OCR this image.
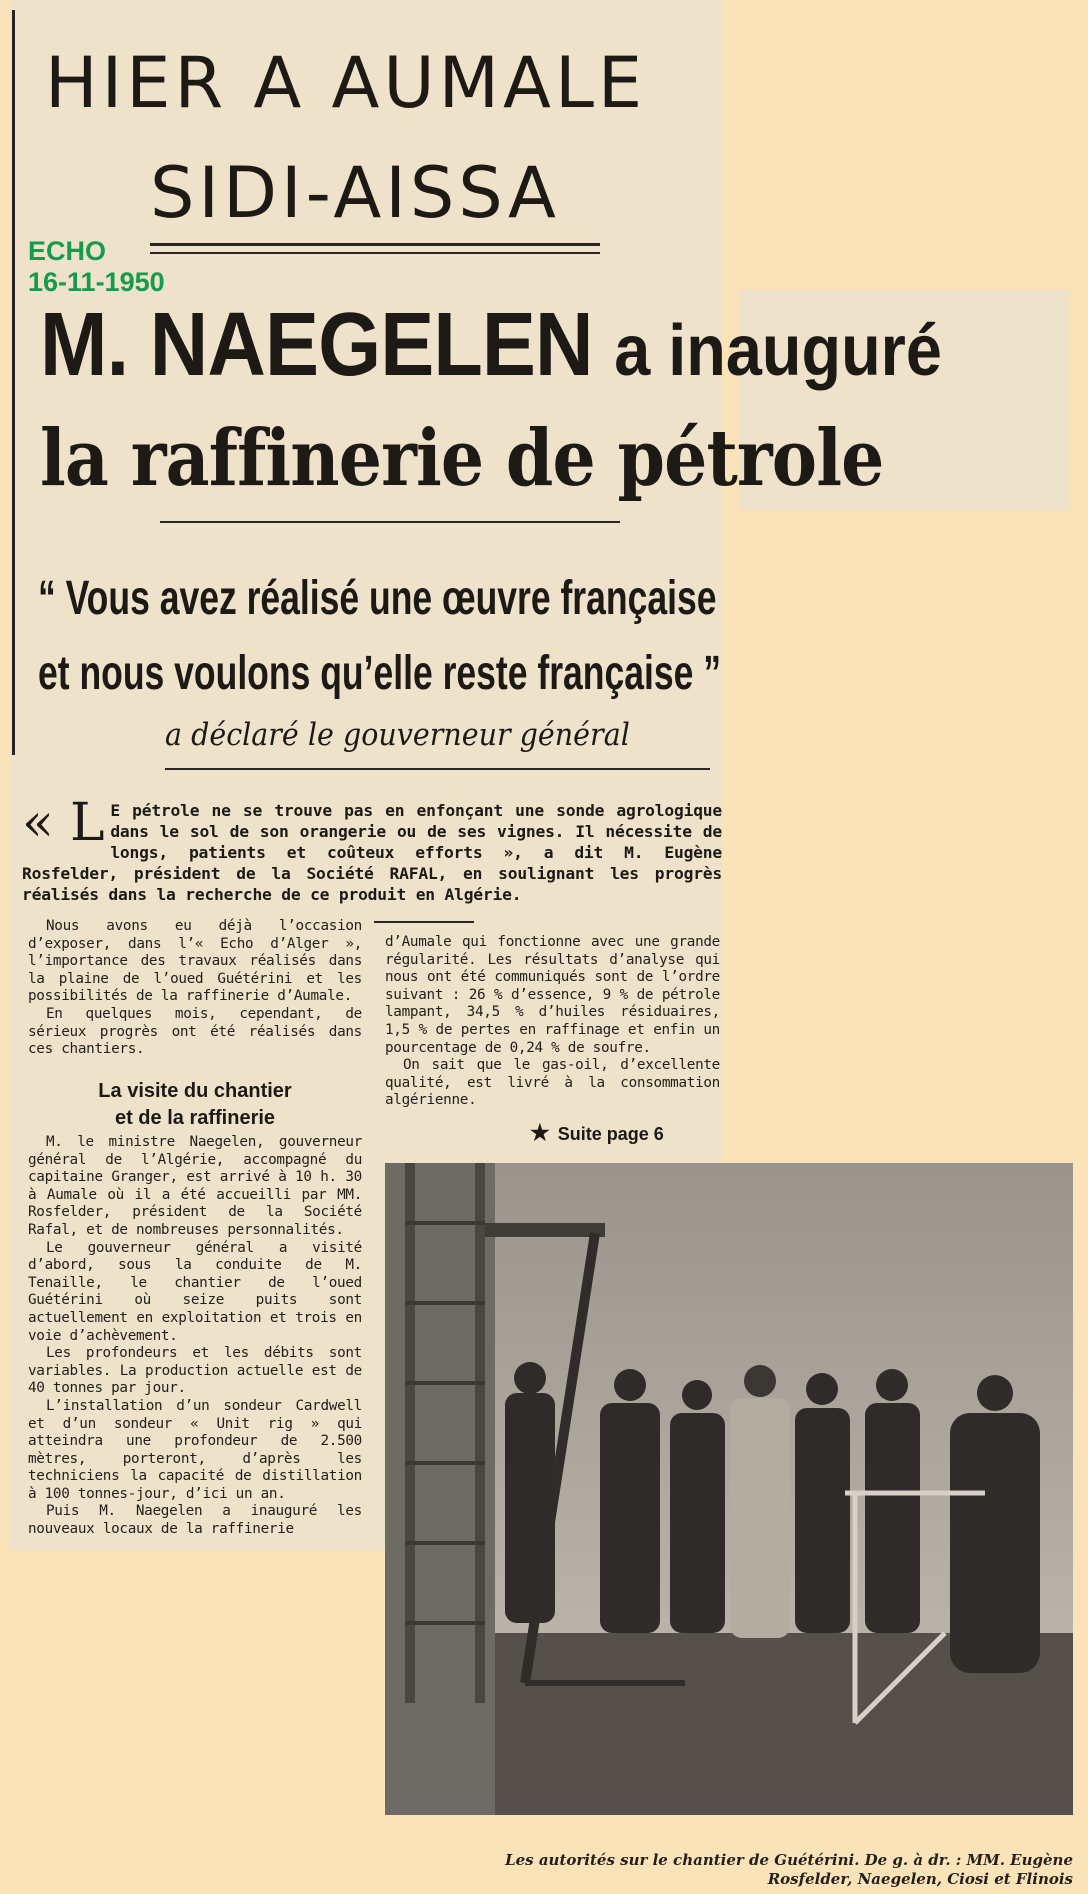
HIER A AUMALE
SIDI-AISSA
ECHO
16-11-1950
M. NAEGELEN a inauguré
la raffinerie de pétrole
“ Vous avez réalisé une œuvre française
et nous voulons qu’elle reste française ”
a déclaré le gouverneur général
« L E pétrole ne se trouve pas en enfonçant une sonde agrologique dans le sol de son orangerie ou de ses vignes. Il nécessite de longs, patients et coûteux efforts », a dit M. Eugène Rosfelder, président de la Société RAFAL, en soulignant les progrès réalisés dans la recherche de ce produit en Algérie.

Nous avons eu déjà l’occasion d’exposer, dans l’« Echo d’Alger », l’importance des travaux réalisés dans la plaine de l’oued Guétérini et les possibilités de la raffinerie d’Aumale.

En quelques mois, cependant, de sérieux progrès ont été réalisés dans ces chantiers.

d’Aumale qui fonctionne avec une grande régularité. Les résultats d’analyse qui nous ont été communiqués sont de l’ordre suivant : 26 % d’essence, 9 % de pétrole lampant, 34,5 % d’huiles résiduaires, 1,5 % de pertes en raffinage et enfin un pourcentage de 0,24 % de soufre.

On sait que le gas-oil, d’excellente qualité, est livré à la consommation algérienne.

La visite du chantier
et de la raffinerie

M. le ministre Naegelen, gouverneur général de l’Algérie, accompagné du capitaine Granger, est arrivé à 10 h. 30 à Aumale où il a été accueilli par MM. Rosfelder, président de la Société Rafal, et de nombreuses personnalités.

Le gouverneur général a visité d’abord, sous la conduite de M. Tenaille, le chantier de l’oued Guétérini où seize puits sont actuellement en exploitation et trois en voie d’achèvement.

Les profondeurs et les débits sont variables. La production actuelle est de 40 tonnes par jour.

L’installation d’un sondeur Cardwell et d’un sondeur « Unit rig » qui atteindra une profondeur de 2.500 mètres, porteront, d’après les techniciens la capacité de distillation à 100 tonnes-jour, d’ici un an.

Puis M. Naegelen a inauguré les nouveaux locaux de la raffinerie

★ Suite page 6
Les autorités sur le chantier de Guétérini. De g. à dr. : MM. Eugène
Rosfelder, Naegelen, Ciosi et Flinois
